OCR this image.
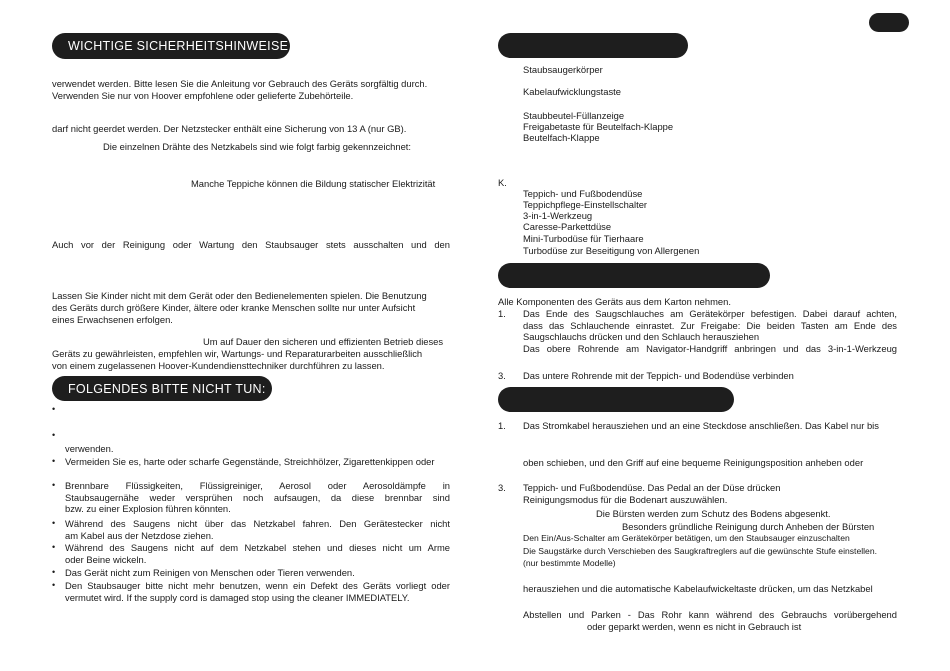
WICHTIGE SICHERHEITSHINWEISE
verwendet werden. Bitte lesen Sie die Anleitung vor Gebrauch des Geräts sorgfältig durch.
Verwenden Sie nur von Hoover empfohlene oder gelieferte Zubehörteile.
darf nicht geerdet werden. Der Netzstecker enthält eine Sicherung von 13 A (nur GB).
Die einzelnen Drähte des Netzkabels sind wie folgt farbig gekennzeichnet:
Manche Teppiche können die Bildung statischer Elektrizität
Auch vor der Reinigung oder Wartung den Staubsauger stets ausschalten und den
Lassen Sie Kinder nicht mit dem Gerät oder den Bedienelementen spielen. Die Benutzung
des Geräts durch größere Kinder, ältere oder kranke Menschen sollte nur unter Aufsicht
eines Erwachsenen erfolgen.
Um auf Dauer den sicheren und effizienten Betrieb dieses
Geräts zu gewährleisten, empfehlen wir, Wartungs- und Reparaturarbeiten ausschließlich
von einem zugelassenen Hoover-Kundendiensttechniker durchführen zu lassen.
FOLGENDES BITTE NICHT TUN:
•
•
verwenden.
• Vermeiden Sie es, harte oder scharfe Gegenstände, Streichhölzer, Zigarettenkippen oder
• Brennbare Flüssigkeiten, Flüssigreiniger, Aerosol oder Aerosoldämpfe in
Staubsaugernähe weder versprühen noch aufsaugen, da diese brennbar sind
bzw. zu einer Explosion führen könnten.
• Während des Saugens nicht über das Netzkabel fahren. Den Gerätestecker nicht
am Kabel aus der Netzdose ziehen.
• Während des Saugens nicht auf dem Netzkabel stehen und dieses nicht um Arme
oder Beine wickeln.
• Das Gerät nicht zum Reinigen von Menschen oder Tieren verwenden.
• Den Staubsauger bitte nicht mehr benutzen, wenn ein Defekt des Geräts vorliegt oder
vermutet wird. If the supply cord is damaged stop using the cleaner IMMEDIATELY.
Staubsaugerkörper
Kabelaufwicklungstaste
Staubbeutel-Füllanzeige
Freigabetaste für Beutelfach-Klappe
Beutelfach-Klappe
K.
Teppich- und Fußbodendüse
Teppichpflege-Einstellschalter
3-in-1-Werkzeug
Caresse-Parkettdüse
Mini-Turbodüse für Tierhaare
Turbodüse zur Beseitigung von Allergenen
Alle Komponenten des Geräts aus dem Karton nehmen.
1. Das Ende des Saugschlauches am Gerätekörper befestigen. Dabei darauf achten,
dass das Schlauchende einrastet. Zur Freigabe: Die beiden Tasten am Ende des
Saugschlauchs drücken und den Schlauch herausziehen
Das obere Rohrende am Navigator-Handgriff anbringen und das 3-in-1-Werkzeug
3. Das untere Rohrende mit der Teppich- und Bodendüse verbinden
1. Das Stromkabel herausziehen und an eine Steckdose anschließen. Das Kabel nur bis
oben schieben, und den Griff auf eine bequeme Reinigungsposition anheben oder
3. Teppich- und Fußbodendüse. Das Pedal an der Düse drücken
Reinigungsmodus für die Bodenart auszuwählen.
Die Bürsten werden zum Schutz des Bodens abgesenkt.
Besonders gründliche Reinigung durch Anheben der Bürsten
Den Ein/Aus-Schalter am Gerätekörper betätigen, um den Staubsauger einzuschalten
Die Saugstärke durch Verschieben des Saugkraftreglers auf die gewünschte Stufe einstellen.
(nur bestimmte Modelle)
herausziehen und die automatische Kabelaufwickeltaste drücken, um das Netzkabel
Abstellen und Parken - Das Rohr kann während des Gebrauchs vorübergehend
oder geparkt werden, wenn es nicht in Gebrauch ist
